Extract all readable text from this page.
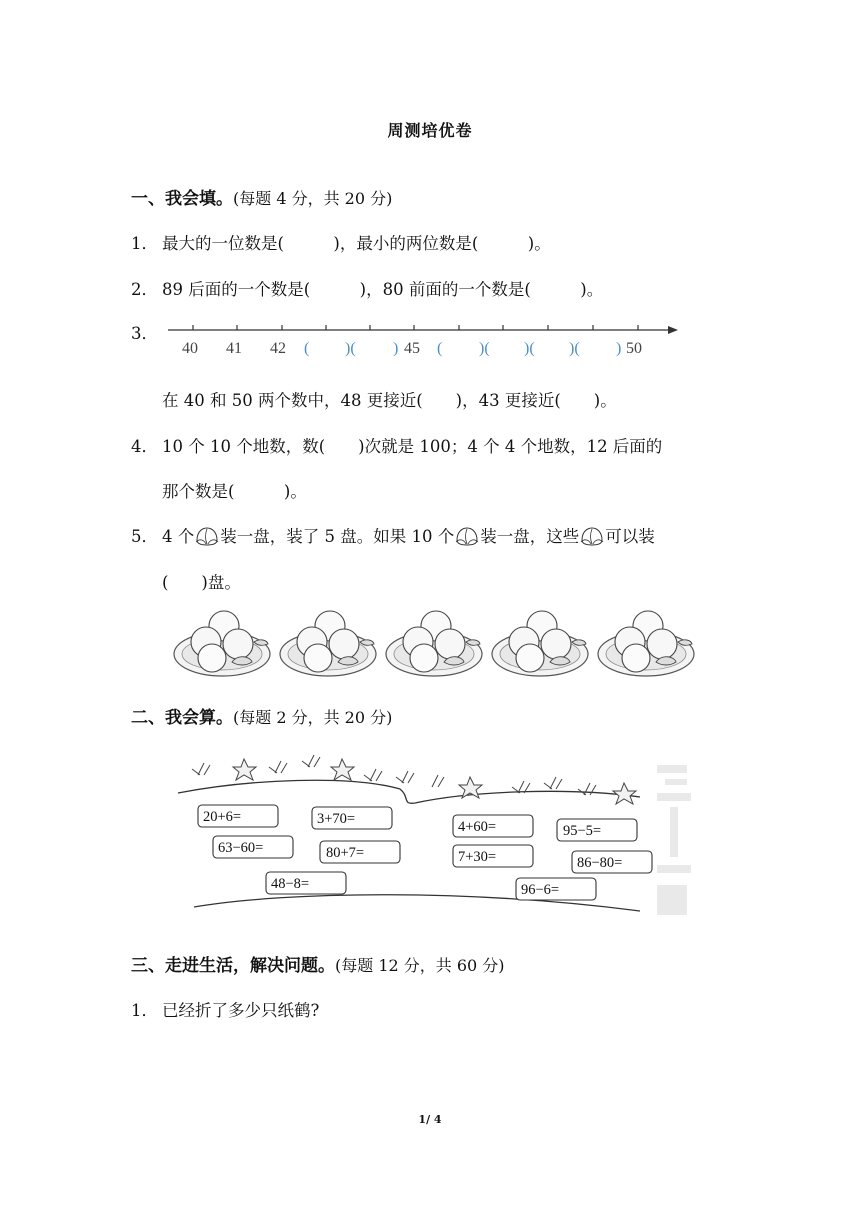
周测培优卷
一、我会填。(每题 4 分，共 20 分)
1． 最大的一位数是(　　　)，最小的两位数是(　　　)。
2． 89 后面的一个数是(　　　)，80 前面的一个数是(　　　)。
3．
40 41 42	45	50
( )( ) ( )( )( )( )
在 40 和 50 两个数中，48 更接近(　　)，43 更接近(　　)。
4． 10 个 10 个地数，数(　　)次就是 100；4 个 4 个地数，12 后面的
那个数是(　　　)。
5． 4 个 装一盘，装了 5 盘。如果 10 个 装一盘，这些 可以装
(　　)盘。
二、我会算。(每题 2 分，共 20 分)
20+6=	3+70=
63−60=	80+7=
48−8=
4+60=
7+30=
95−5=
86−80=
96−6=
三、走进生活，解决问题。(每题 12 分，共 60 分)
1． 已经折了多少只纸鹤?
1/ 4
